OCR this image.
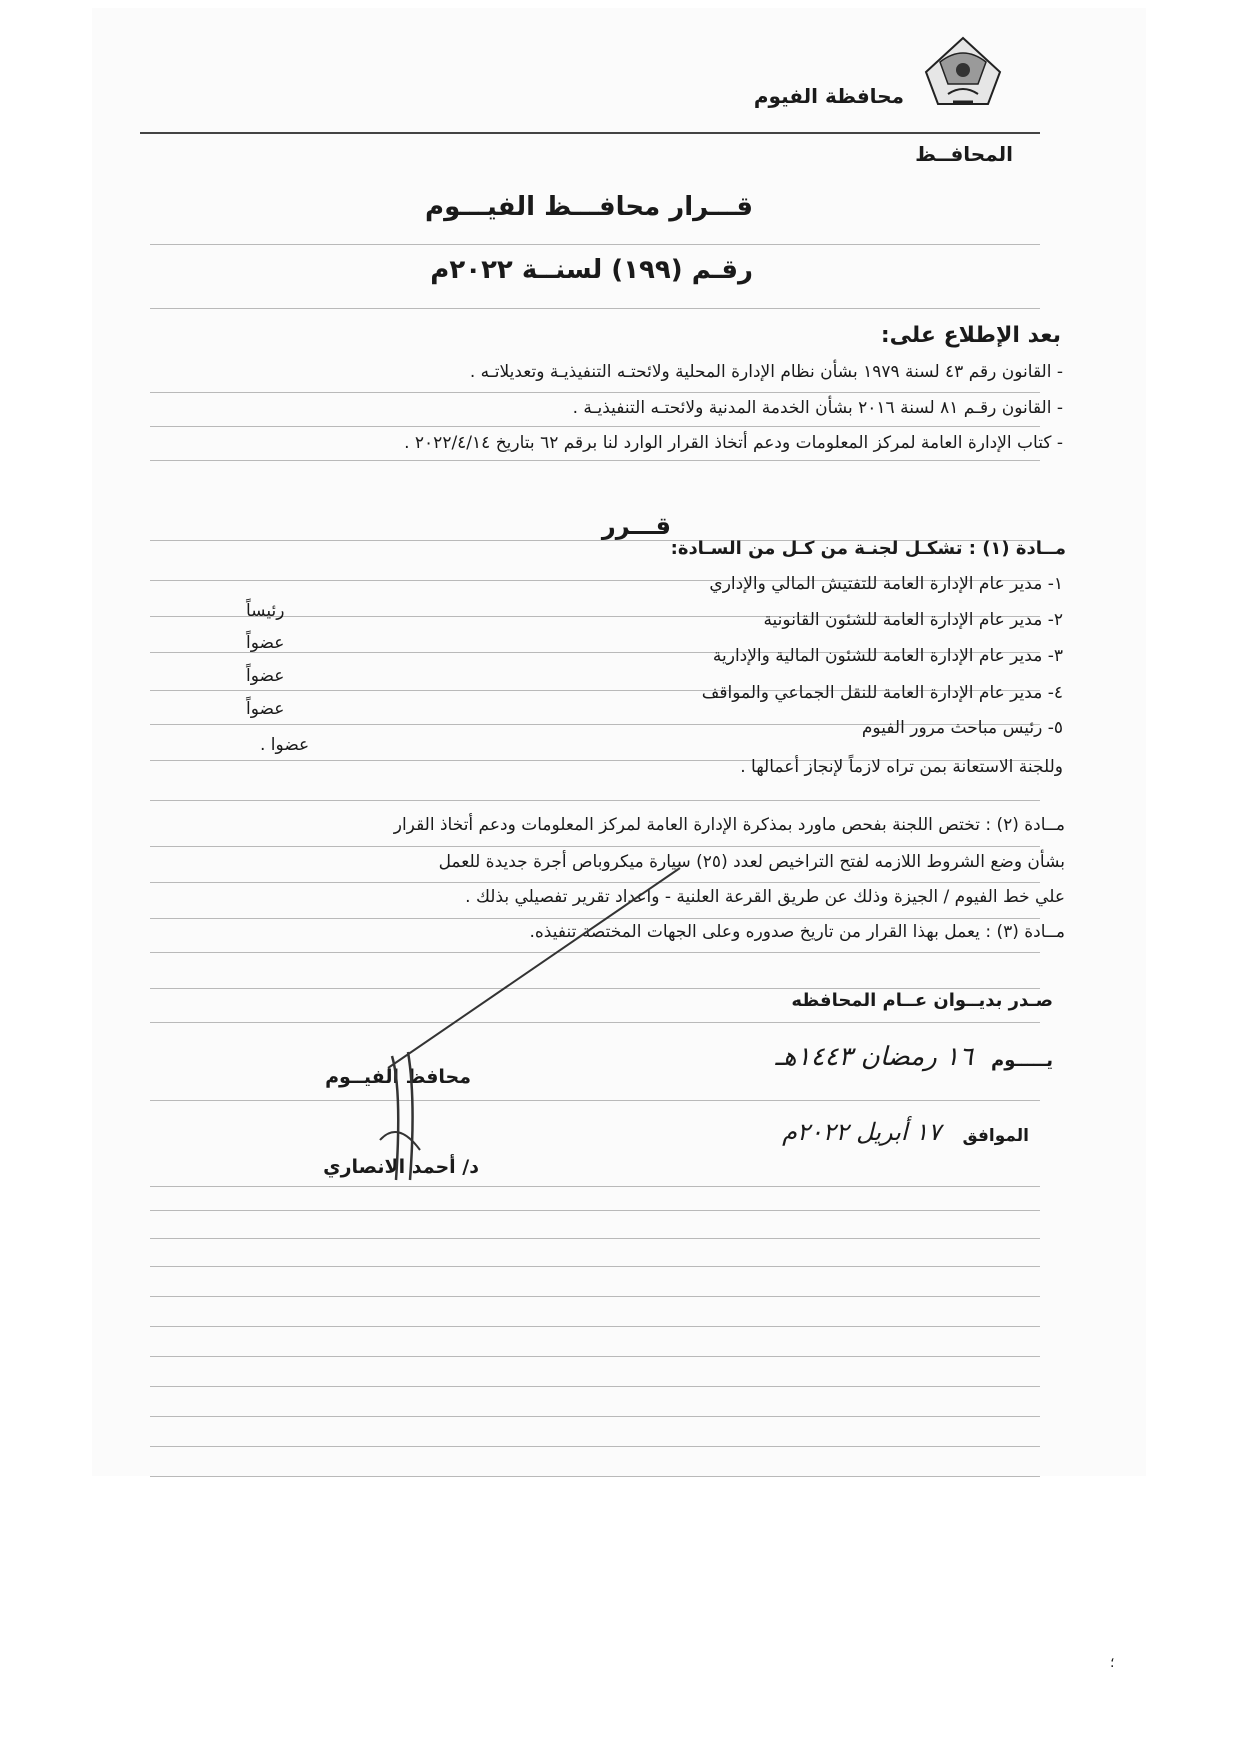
محافظة الفيوم
المحافــظ
قـــرار محافـــظ الفيـــوم
رقـم (١٩٩) لسنــة ٢٠٢٢م
بعد الإطلاع على:
- القانون رقم ٤٣ لسنة ١٩٧٩ بشأن نظام الإدارة المحلية ولائحتـه التنفيذيـة وتعديلاتـه .
- القانون رقـم ٨١ لسنة ٢٠١٦ بشأن الخدمة المدنية ولائحتـه التنفيذيـة .
- كتاب الإدارة العامة لمركز المعلومات ودعم أتخاذ القرار الوارد لنا برقم ٦٢ بتاريخ ٢٠٢٢/٤/١٤ .
قـــرر
مــادة (١) : تشكـل لجنـة من كـل من السـادة:
١- مدير عام الإدارة العامة للتفتيش المالي والإداري
رئيساً	٢- مدير عام الإدارة العامة للشئون القانونية
عضواً
٣- مدير عام الإدارة العامة للشئون المالية والإدارية
عضواً
٤- مدير عام الإدارة العامة للنقل الجماعي والمواقف
عضواً
٥- رئيس مباحث مرور الفيوم
عضوا .
وللجنة الاستعانة بمن تراه لازماً لإنجاز أعمالها .
مــادة (٢) : تختص اللجنة بفحص ماورد بمذكرة الإدارة العامة لمركز المعلومات ودعم أتخاذ القرار
بشأن وضع الشروط اللازمه لفتح التراخيص لعدد (٢٥) سيارة ميكروباص أجرة جديدة للعمل
علي خط الفيوم / الجيزة وذلك عن طريق القرعة العلنية - واعداد تقرير تفصيلي بذلك .
مــادة (٣) : يعمل بهذا القرار من تاريخ صدوره وعلى الجهات المختصة تنفيذه.
صـدر بديــوان عــام المحافظه
يـــــوم
١٦ رمضان ١٤٤٣هـ
الموافق
١٧ أبريل ٢٠٢٢م
محافظ الفيــوم
د/ أحمد الانصاري
؛
